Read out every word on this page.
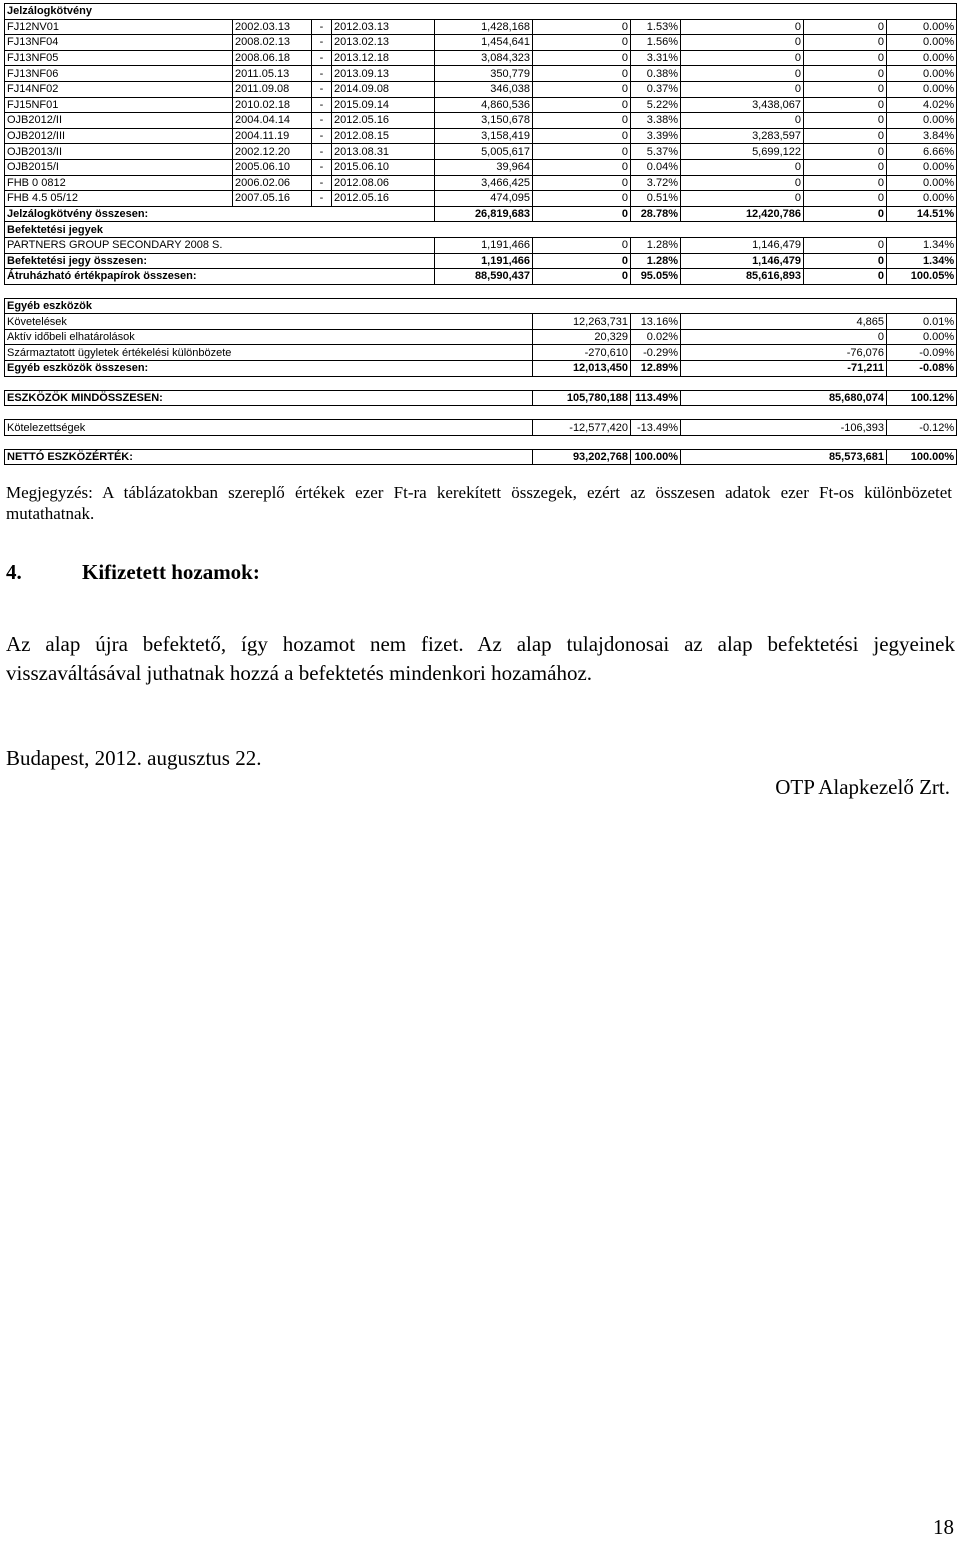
Jelzálogkötvény									
FJ12NV01	2002.03.13	-	2012.03.13	1,428,168	0	1.53%	0	0	0.00%
FJ13NF04	2008.02.13	-	2013.02.13	1,454,641	0	1.56%	0	0	0.00%
FJ13NF05	2008.06.18	-	2013.12.18	3,084,323	0	3.31%	0	0	0.00%
FJ13NF06	2011.05.13	-	2013.09.13	350,779	0	0.38%	0	0	0.00%
FJ14NF02	2011.09.08	-	2014.09.08	346,038	0	0.37%	0	0	0.00%
FJ15NF01	2010.02.18	-	2015.09.14	4,860,536	0	5.22%	3,438,067	0	4.02%
OJB2012/II	2004.04.14	-	2012.05.16	3,150,678	0	3.38%	0	0	0.00%
OJB2012/III	2004.11.19	-	2012.08.15	3,158,419	0	3.39%	3,283,597	0	3.84%
OJB2013/II	2002.12.20	-	2013.08.31	5,005,617	0	5.37%	5,699,122	0	6.66%
OJB2015/I	2005.06.10	-	2015.06.10	39,964	0	0.04%	0	0	0.00%
FHB 0 0812	2006.02.06	-	2012.08.06	3,466,425	0	3.72%	0	0	0.00%
FHB 4.5 05/12	2007.05.16	-	2012.05.16	474,095	0	0.51%	0	0	0.00%
Jelzálogkötvény összesen:				26,819,683	0	28.78%	12,420,786	0	14.51%
Befektetési jegyek									
PARTNERS GROUP SECONDARY 2008 S.				1,191,466	0	1.28%	1,146,479	0	1.34%
Befektetési jegy összesen:				1,191,466	0	1.28%	1,146,479	0	1.34%
Átruházható értékpapírok összesen:				88,590,437	0	95.05%	85,616,893	0	100.05%

Egyéb eszközök									
Követelések					12,263,731	13.16%	4,865		0.01%
Aktív időbeli elhatárolások					20,329	0.02%	0		0.00%
Származtatott ügyletek értékelési különbözete					-270,610	-0.29%	-76,076		-0.09%
Egyéb eszközök összesen:					12,013,450	12.89%	-71,211		-0.08%

ESZKÖZÖK MINDÖSSZESEN:					105,780,188	113.49%	85,680,074		100.12%

Kötelezettségek					-12,577,420	-13.49%	-106,393		-0.12%

NETTÓ ESZKÖZÉRTÉK:					93,202,768	100.00%	85,573,681		100.00%

Megjegyzés: A táblázatokban szereplő értékek ezer Ft-ra kerekített összegek, ezért az összesen adatok ezer Ft-os különbözetet mutathatnak.

4.	Kifizetett hozamok:

Az alap újra befektető, így hozamot nem fizet. Az alap tulajdonosai az alap befektetési jegyeinek visszaváltásával juthatnak hozzá a befektetés mindenkori hozamához.

Budapest, 2012. augusztus 22.

OTP Alapkezelő Zrt.

18
